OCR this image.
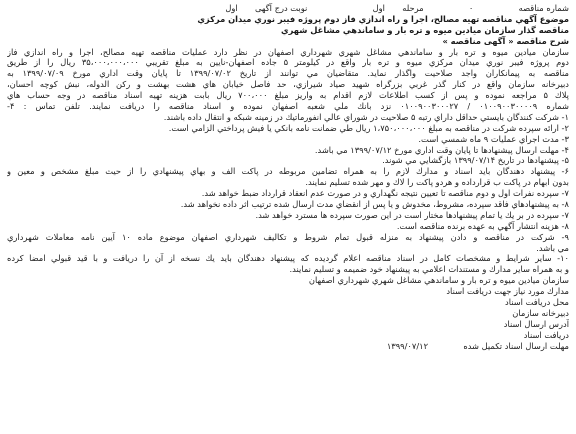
شماره مناقصه  ۰  مرحله  اول  نوبت درج آگهی  اول
موضوع آگهي مناقصه تهيه مصالح، اجرا و راه اندازي فاز دوم پروژه فيبر نوري ميدان مركزي
مناقصه گذار سازمان ميادين ميوه و تره بار و ساماندهي مشاغل شهري
شرح مناقصه « آگهی مناقصه »
سازمان ميادين ميوه و تره بار و ساماندهي مشاغل شهري شهرداري اصفهان در نظر دارد عمليات مناقصه تهيه مصالح، اجرا و راه اندازي فاز
دوم پروژه فيبر نوري ميدان مركزي ميوه و تره بار واقع در كيلومتر ۵ جاده اصفهان-نايين به مبلغ تقريبي ۳۵،۰۰۰،۰۰۰،۰۰۰ ريال را از طريق
مناقصه به پيمانكاران واجد صلاحيت واگذار نمايد. متقاضيان مي توانند از تاريخ ۱۳۹۹/۰۷/۰۲ تا پايان وقت اداري مورخ ۱۳۹۹/۰۷/۰۹ به
دبيرخانه سازمان واقع در كنار گذر غربي بزرگراه شهيد صياد شيرازي، حد فاصل خيابان هاي هشت بهشت و ركن الدوله، نبش كوچه احسان،
پلاك ۵ مراجعه نموده و پس از كسب اطلاعات لازم اقدام به واريز مبلغ ۷۰۰،۰۰۰ ريال بابت هزينه تهيه اسناد مناقصه در وجه حساب هاي
شماره ۰۱۰۰۹۰۰۳۰۰۰۰۹ / ۰۱۰۰۹۰۰۳۰۰۰۲۷ نزد بانك ملي شعبه اصفهان نموده و اسناد مناقصه را دريافت نمايند. تلفن تماس : ۴-
۱- شركت كنندگان بايستي حداقل داراي رتبه ۵ صلاحيت در شوراي عالي انفورماتيك در زمينه شبكه و انتقال داده باشند.
۲- ارائه سپرده شركت در مناقصه به مبلغ ۱،۷۵۰،۰۰۰،۰۰۰ ريال طي ضمانت نامه بانكي يا فيش پرداختي الزامي است.
۳- مدت اجراي عمليات ۹ ماه شمسي است.
۴- مهلت ارسال پيشنهادها تا پايان وقت اداري مورخ ۱۳۹۹/۰۷/۱۲ مي باشد.
۵- پيشنهادها در تاريخ ۱۳۹۹/۰۷/۱۴ بازگشايي مي شوند.
۶- پيشنهاد دهندگان بايد اسناد و مدارك لازم را به همراه تضامين مربوطه در پاكت الف و بهاي پيشنهادي را از حيث مبلغ مشخص و معين و
بدون ابهام در پاكت ب قرارداده و هردو پاكت را لاك و مهر شده تسليم نمايند.
۷- سپرده نفرات اول و دوم مناقصه تا تعيين نتيجه نگهداري و در صورت عدم انعقاد قرارداد ضبط خواهد شد.
۸- به پيشنهادهاي فاقد سپرده، مشروط، مخدوش و يا پس از انقضاي مدت ارسال شده ترتيب اثر داده نخواهد شد.
۷- سپرده در بر يك يا تمام پيشنهادها مختار است در اين صورت سپرده ها مسترد خواهد شد.
۸- هزينه انتشار آگهي به عهده برنده مناقصه است.
۹- شركت در مناقصه و دادن پيشنهاد به منزله قبول تمام شروط و تكاليف شهرداري اصفهان موضوع ماده ۱۰ آيين نامه معاملات شهرداري
مي باشد.
۱۰- ساير شرايط و مشخصات كامل در اسناد مناقصه اعلام گرديده كه پيشنهاد دهندگان بايد يك نسخه از آن را دريافت و با قيد قبولي امضا كرده
و به همراه ساير مدارك و مستندات اعلامي به پيشنهاد خود ضميمه و تسليم نمايند.
سازمان ميادين ميوه و تره بار و ساماندهي مشاغل شهري شهرداري اصفهان
مدارك مورد نياز جهت دريافت اسناد
محل دريافت اسناد
دبيرخانه سازمان
آدرس ارسال اسناد
دريافت اسناد
مهلت ارسال اسناد تكميل شده  ۱۳۹۹/۰۷/۱۲
